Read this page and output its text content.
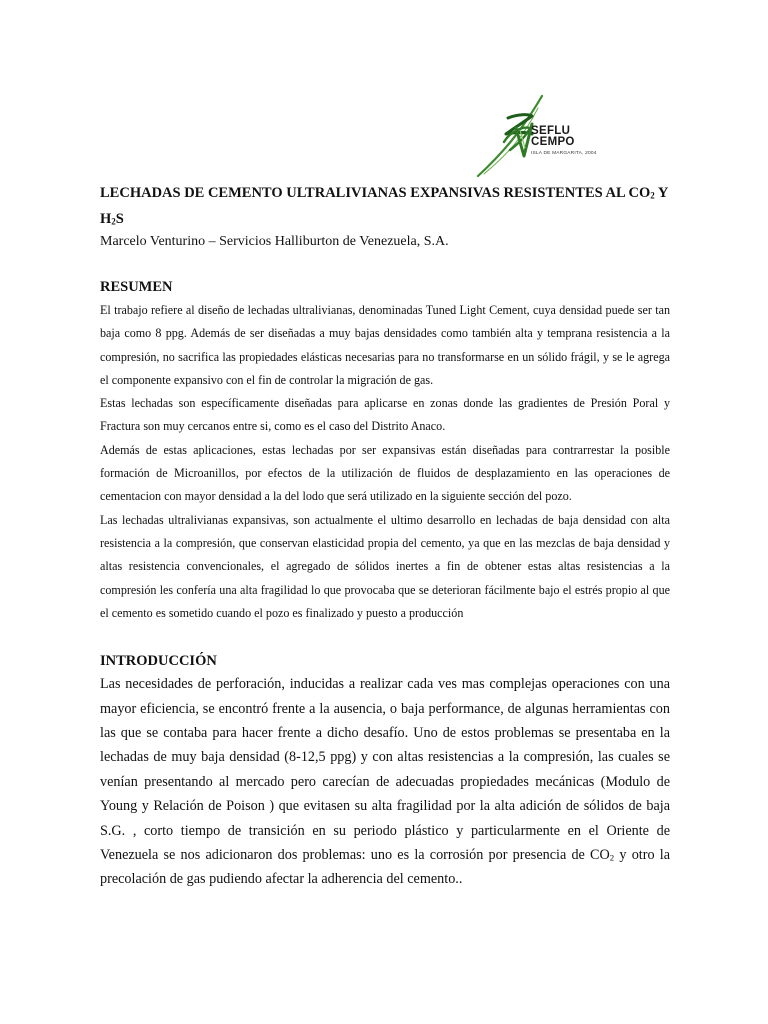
SEFLU
CEMPO
ISLA DE MARGARITA, 2004
LECHADAS DE CEMENTO ULTRALIVIANAS EXPANSIVAS RESISTENTES AL $CO_2$ Y
$H_2S$

Marcelo Venturino – Servicios Halliburton de Venezuela, S.A.

RESUMEN

El trabajo refiere al diseño de lechadas ultralivianas, denominadas Tuned Light Cement, cuya densidad puede ser tan baja como 8 ppg. Además de ser diseñadas a muy bajas densidades como también alta y temprana resistencia a la compresión, no sacrifica las propiedades elásticas necesarias para no transformarse en un sólido frágil, y se le agrega el componente expansivo con el fin de controlar la migración de gas.

Estas lechadas son específicamente diseñadas para aplicarse en zonas donde las gradientes de Presión Poral y Fractura son muy cercanos entre si, como es el caso del Distrito Anaco.

Además de estas aplicaciones, estas lechadas por ser expansivas están diseñadas para contrarrestar la posible formación de Microanillos, por efectos de la utilización de fluidos de desplazamiento en las operaciones de cementacion con mayor densidad a la del lodo que será utilizado en la siguiente sección del pozo.

Las lechadas ultralivianas expansivas, son actualmente el ultimo desarrollo en lechadas de baja densidad con alta resistencia a la compresión, que conservan elasticidad propia del cemento, ya que en las mezclas de baja densidad y altas resistencia convencionales, el agregado de sólidos inertes a fin de obtener estas altas resistencias a la compresión les confería una alta fragilidad lo que provocaba que se deterioran fácilmente bajo el estrés propio al que el cemento es sometido cuando el pozo es finalizado y puesto a producción

INTRODUCCIÓN

Las necesidades de perforación, inducidas a realizar cada ves mas complejas operaciones con una mayor eficiencia, se encontró frente a la ausencia, o baja performance, de algunas herramientas con las que se contaba para hacer frente a dicho desafío. Uno de estos problemas se presentaba en la lechadas de muy baja densidad (8-12,5 ppg) y con altas resistencias a la compresión, las cuales se venían presentando al mercado pero carecían de adecuadas propiedades mecánicas (Modulo de Young y Relación de Poison ) que evitasen su alta fragilidad por la alta adición de sólidos de baja S.G. , corto tiempo de transición en su periodo plástico y particularmente en el Oriente de Venezuela se nos adicionaron dos problemas: uno es la corrosión por presencia de $CO_2$ y otro la precolación de gas pudiendo afectar la adherencia del cemento..
